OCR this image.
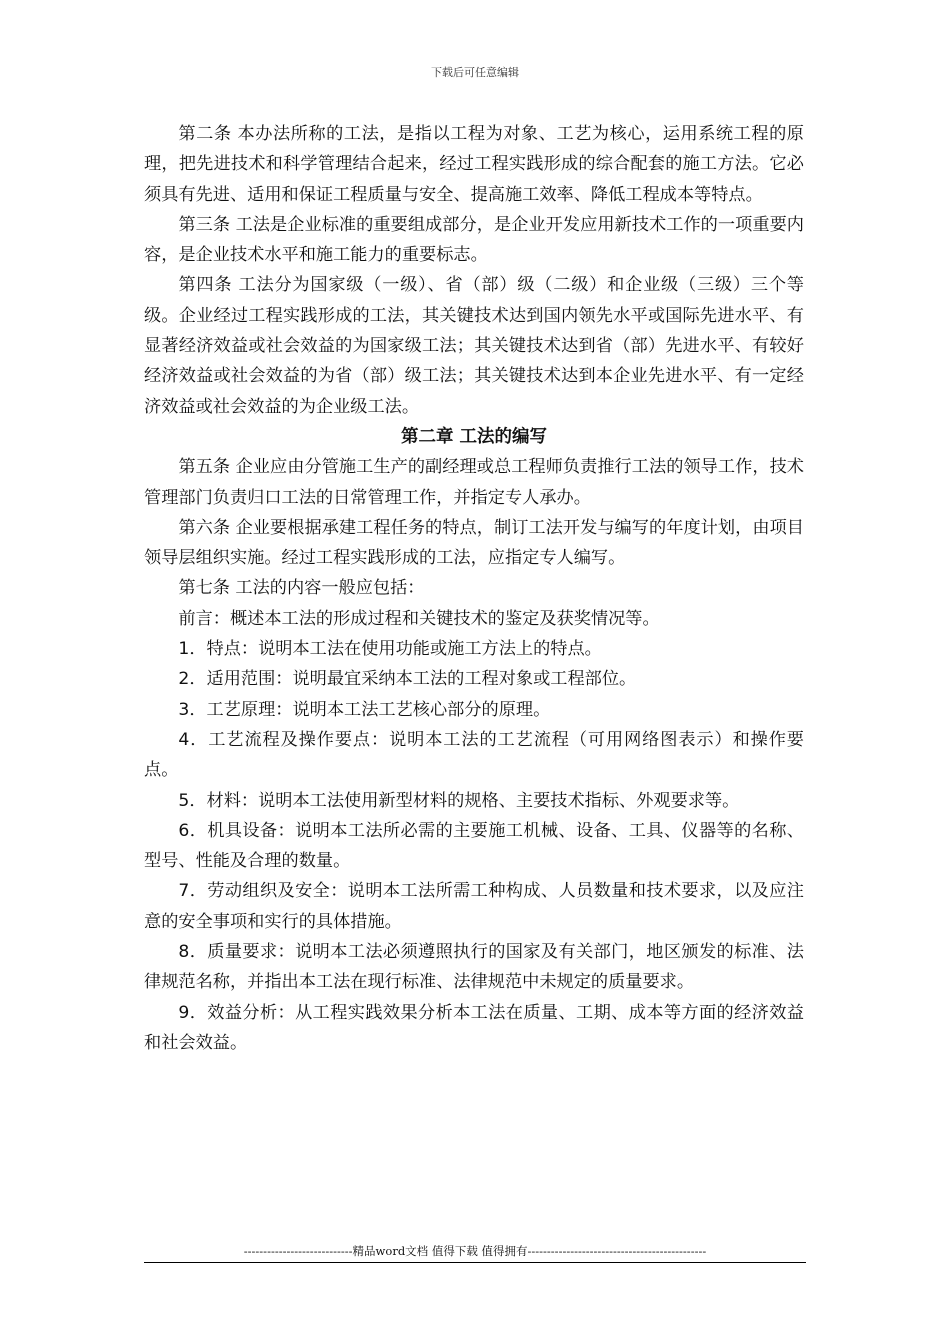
下载后可任意编辑

第二条 本办法所称的工法，是指以工程为对象、工艺为核心，运用系统工程的原理，把先进技术和科学管理结合起来，经过工程实践形成的综合配套的施工方法。它必须具有先进、适用和保证工程质量与安全、提高施工效率、降低工程成本等特点。

第三条 工法是企业标准的重要组成部分，是企业开发应用新技术工作的一项重要内容，是企业技术水平和施工能力的重要标志。

第四条 工法分为国家级（一级）、省（部）级（二级）和企业级（三级）三个等级。企业经过工程实践形成的工法，其关键技术达到国内领先水平或国际先进水平、有显著经济效益或社会效益的为国家级工法；其关键技术达到省（部）先进水平、有较好经济效益或社会效益的为省（部）级工法；其关键技术达到本企业先进水平、有一定经济效益或社会效益的为企业级工法。

第二章 工法的编写

第五条 企业应由分管施工生产的副经理或总工程师负责推行工法的领导工作，技术管理部门负责归口工法的日常管理工作，并指定专人承办。

第六条 企业要根据承建工程任务的特点，制订工法开发与编写的年度计划，由项目领导层组织实施。经过工程实践形成的工法，应指定专人编写。

第七条 工法的内容一般应包括：

前言：概述本工法的形成过程和关键技术的鉴定及获奖情况等。

1．特点：说明本工法在使用功能或施工方法上的特点。

2．适用范围：说明最宜采纳本工法的工程对象或工程部位。

3．工艺原理：说明本工法工艺核心部分的原理。

4．工艺流程及操作要点：说明本工法的工艺流程（可用网络图表示）和操作要点。

5．材料：说明本工法使用新型材料的规格、主要技术指标、外观要求等。

6．机具设备：说明本工法所必需的主要施工机械、设备、工具、仪器等的名称、型号、性能及合理的数量。

7．劳动组织及安全：说明本工法所需工种构成、人员数量和技术要求，以及应注意的安全事项和实行的具体措施。

8．质量要求：说明本工法必须遵照执行的国家及有关部门，地区颁发的标准、法律规范名称，并指出本工法在现行标准、法律规范中未规定的质量要求。

9．效益分析：从工程实践效果分析本工法在质量、工期、成本等方面的经济效益和社会效益。

----------------------------精品word文档 值得下载 值得拥有----------------------------------------------
